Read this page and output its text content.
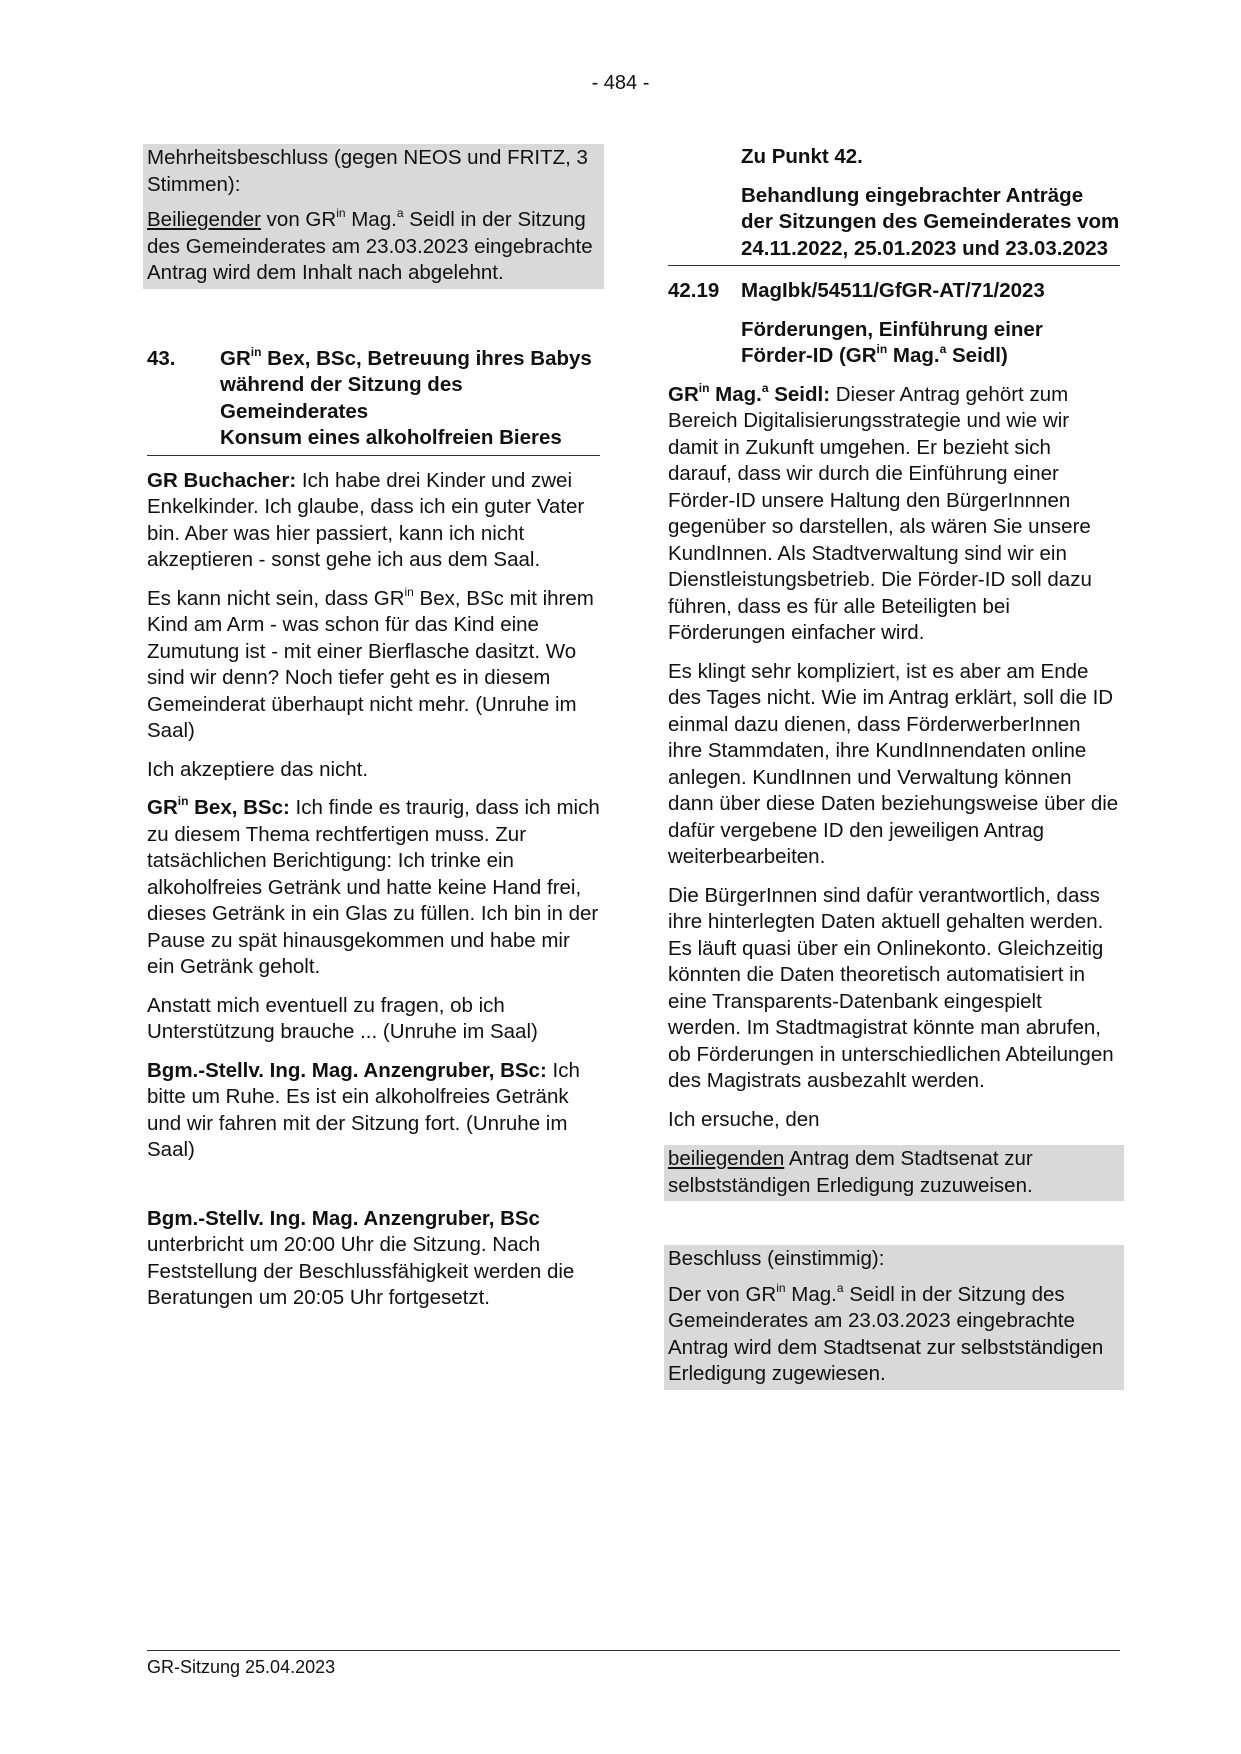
- 484 -

Mehrheitsbeschluss (gegen NEOS und FRITZ, 3 Stimmen):

Beiliegender von $GR^{in}$ Mag.$^a$ Seidl in der Sitzung des Gemeinderates am 23.03.2023 eingebrachte Antrag wird dem Inhalt nach abgelehnt.

43.	$GR^{in}$ Bex, BSc, Betreuung ihres Babys während der Sitzung des Gemeinderates
Konsum eines alkoholfreien Bieres

GR Buchacher: Ich habe drei Kinder und zwei Enkelkinder. Ich glaube, dass ich ein guter Vater bin. Aber was hier passiert, kann ich nicht akzeptieren - sonst gehe ich aus dem Saal.

Es kann nicht sein, dass $GR^{in}$ Bex, BSc mit ihrem Kind am Arm - was schon für das Kind eine Zumutung ist - mit einer Bierflasche dasitzt. Wo sind wir denn? Noch tiefer geht es in diesem Gemeinderat überhaupt nicht mehr. (Unruhe im Saal)

Ich akzeptiere das nicht.

$GR^{in}$ Bex, BSc: Ich finde es traurig, dass ich mich zu diesem Thema rechtfertigen muss. Zur tatsächlichen Berichtigung: Ich trinke ein alkoholfreies Getränk und hatte keine Hand frei, dieses Getränk in ein Glas zu füllen. Ich bin in der Pause zu spät hinausgekommen und habe mir ein Getränk geholt.

Anstatt mich eventuell zu fragen, ob ich Unterstützung brauche ... (Unruhe im Saal)

Bgm.-Stellv. Ing. Mag. Anzengruber, BSc: Ich bitte um Ruhe. Es ist ein alkoholfreies Getränk und wir fahren mit der Sitzung fort. (Unruhe im Saal)

Bgm.-Stellv. Ing. Mag. Anzengruber, BSc unterbricht um 20:00 Uhr die Sitzung. Nach Feststellung der Beschlussfähigkeit werden die Beratungen um 20:05 Uhr fortgesetzt.

Zu Punkt 42.

Behandlung eingebrachter Anträge der Sitzungen des Gemeinderates vom 24.11.2022, 25.01.2023 und 23.03.2023

42.19	MagIbk/54511/GfGR-AT/71/2023

Förderungen, Einführung einer Förder-ID ($GR^{in}$ Mag.$^a$ Seidl)

$GR^{in}$ Mag.$^a$ Seidl: Dieser Antrag gehört zum Bereich Digitalisierungsstrategie und wie wir damit in Zukunft umgehen. Er bezieht sich darauf, dass wir durch die Einführung einer Förder-ID unsere Haltung den BürgerInnnen gegenüber so darstellen, als wären Sie unsere KundInnen. Als Stadtverwaltung sind wir ein Dienstleistungsbetrieb. Die Förder-ID soll dazu führen, dass es für alle Beteiligten bei Förderungen einfacher wird.

Es klingt sehr kompliziert, ist es aber am Ende des Tages nicht. Wie im Antrag erklärt, soll die ID einmal dazu dienen, dass FörderwerberInnen ihre Stammdaten, ihre KundInnendaten online anlegen. KundInnen und Verwaltung können dann über diese Daten beziehungsweise über die dafür vergebene ID den jeweiligen Antrag weiterbearbeiten.

Die BürgerInnen sind dafür verantwortlich, dass ihre hinterlegten Daten aktuell gehalten werden. Es läuft quasi über ein Onlinekonto. Gleichzeitig könnten die Daten theoretisch automatisiert in eine Transparents-Datenbank eingespielt werden. Im Stadtmagistrat könnte man abrufen, ob Förderungen in unterschiedlichen Abteilungen des Magistrats ausbezahlt werden.

Ich ersuche, den

beiliegenden Antrag dem Stadtsenat zur selbstständigen Erledigung zuzuweisen.

Beschluss (einstimmig):

Der von $GR^{in}$ Mag.$^a$ Seidl in der Sitzung des Gemeinderates am 23.03.2023 eingebrachte Antrag wird dem Stadtsenat zur selbstständigen Erledigung zugewiesen.

GR-Sitzung 25.04.2023
